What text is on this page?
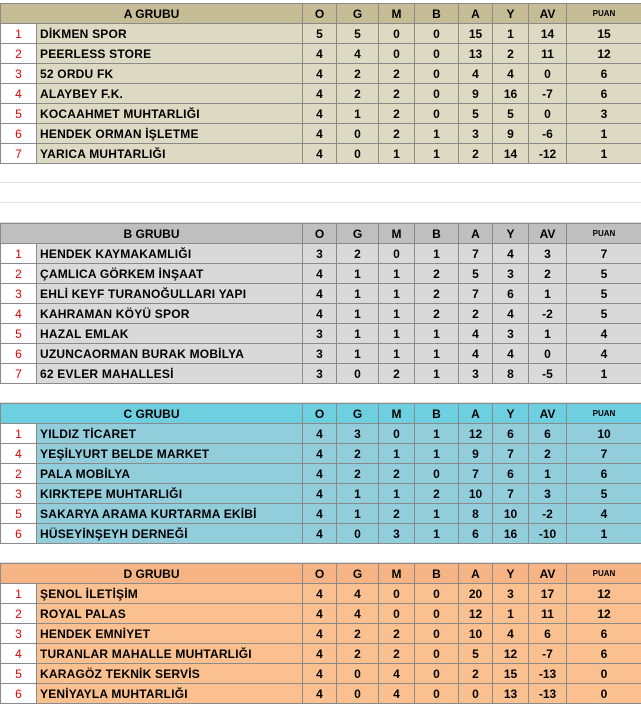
A GRUBU		O	G	M	B	A	Y	AV	PUAN
1	DİKMEN SPOR	5	5	0	0	15	1	14	15
2	PEERLESS STORE	4	4	0	0	13	2	11	12
3	52 ORDU FK	4	2	2	0	4	4	0	6
4	ALAYBEY F.K.	4	2	2	0	9	16	-7	6
5	KOCAAHMET MUHTARLIĞI	4	1	2	0	5	5	0	3
6	HENDEK ORMAN İŞLETME	4	0	2	1	3	9	-6	1
7	YARICA MUHTARLIĞI	4	0	1	1	2	14	-12	1
B GRUBU		O	G	M	B	A	Y	AV	PUAN
1	HENDEK KAYMAKAMLIĞI	3	2	0	1	7	4	3	7
2	ÇAMLICA GÖRKEM İNŞAAT	4	1	1	2	5	3	2	5
3	EHLİ KEYF TURANOĞULLARI YAPI	4	1	1	2	7	6	1	5
4	KAHRAMAN KÖYÜ SPOR	4	1	1	2	2	4	-2	5
5	HAZAL EMLAK	3	1	1	1	4	3	1	4
6	UZUNCAORMAN BURAK MOBİLYA	3	1	1	1	4	4	0	4
7	62 EVLER MAHALLESİ	3	0	2	1	3	8	-5	1
C GRUBU		O	G	M	B	A	Y	AV	PUAN
1	YILDIZ TİCARET	4	3	0	1	12	6	6	10
4	YEŞİLYURT BELDE MARKET	4	2	1	1	9	7	2	7
2	PALA MOBİLYA	4	2	2	0	7	6	1	6
3	KIRKTEPE MUHTARLIĞI	4	1	1	2	10	7	3	5
5	SAKARYA ARAMA KURTARMA EKİBİ	4	1	2	1	8	10	-2	4
6	HÜSEYİNŞEYH DERNEĞİ	4	0	3	1	6	16	-10	1
D GRUBU		O	G	M	B	A	Y	AV	PUAN
1	ŞENOL İLETİŞİM	4	4	0	0	20	3	17	12
2	ROYAL PALAS	4	4	0	0	12	1	11	12
3	HENDEK EMNİYET	4	2	2	0	10	4	6	6
4	TURANLAR MAHALLE MUHTARLIĞI	4	2	2	0	5	12	-7	6
5	KARAGÖZ TEKNİK SERVİS	4	0	4	0	2	15	-13	0
6	YENİYAYLA MUHTARLIĞI	4	0	4	0	0	13	-13	0
